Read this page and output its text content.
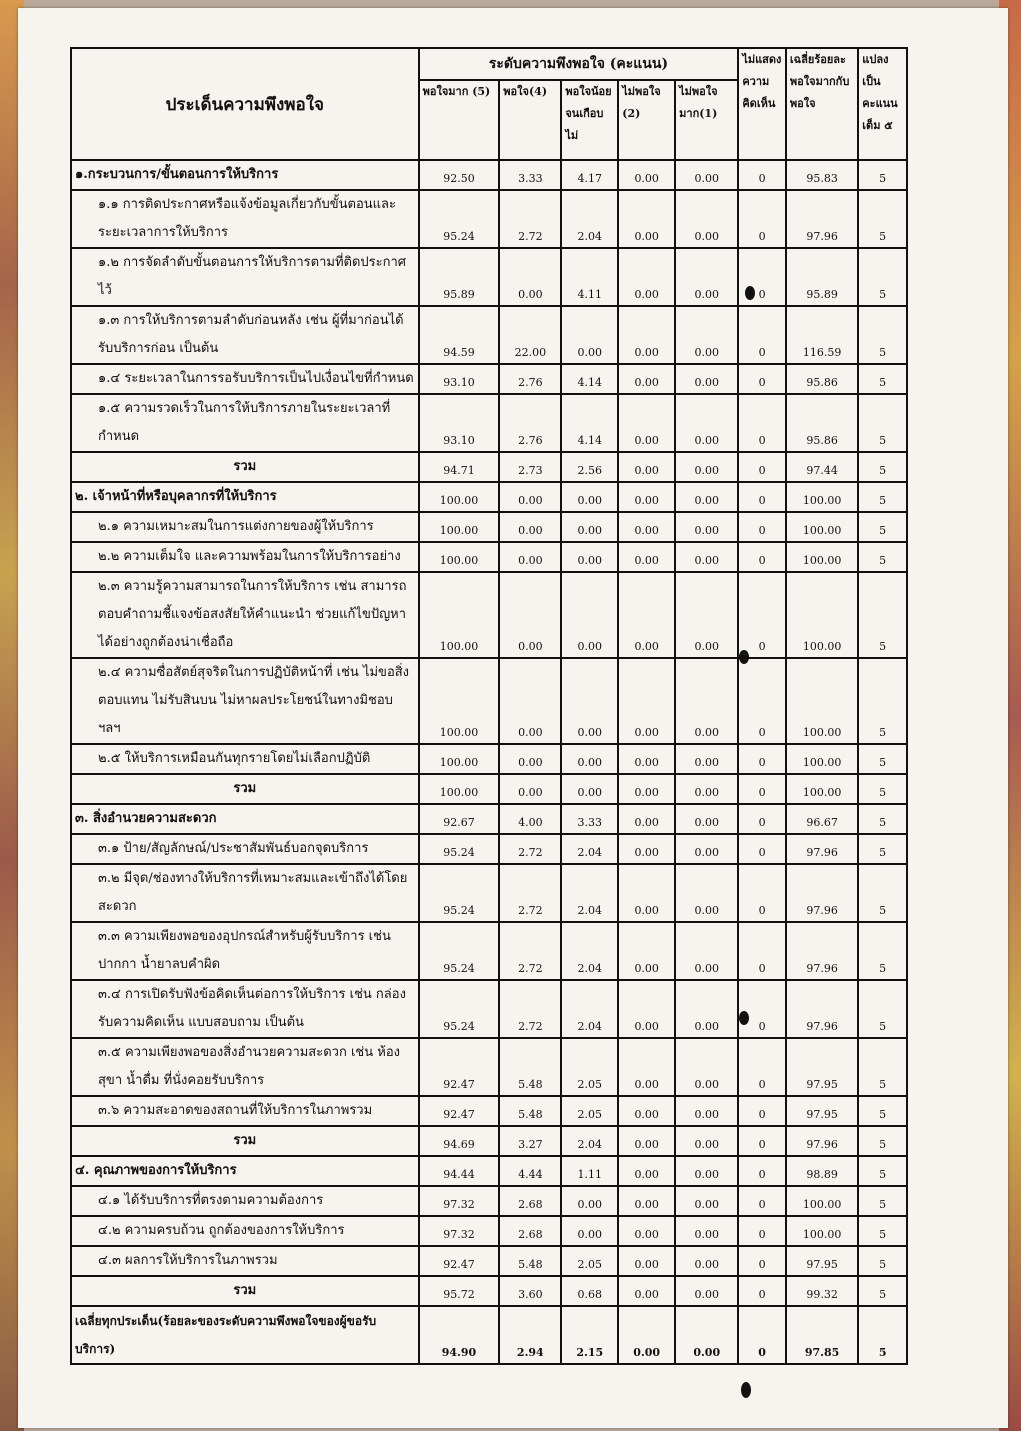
ประเด็นความพึงพอใจ	ระดับความพึงพอใจ (คะแนน)					ไม่แสดงความคิดเห็น	เฉลี่ยร้อยละพอใจมากกับพอใจ	แปลงเป็นคะแนนเต็ม ๕
	พอใจมาก (5)	พอใจ(4)	พอใจน้อยจนเกือบไม่	ไม่พอใจ (2)	ไม่พอใจมาก(1)			
๑.กระบวนการ/ขั้นตอนการให้บริการ	92.50	3.33	4.17	0.00	0.00	0	95.83	5
๑.๑ การติดประกาศหรือแจ้งข้อมูลเกี่ยวกับขั้นตอนและระยะเวลาการให้บริการ	95.24	2.72	2.04	0.00	0.00	0	97.96	5
๑.๒ การจัดลำดับขั้นตอนการให้บริการตามที่ติดประกาศไว้	95.89	0.00	4.11	0.00	0.00	0	95.89	5
๑.๓ การให้บริการตามลำดับก่อนหลัง เช่น ผู้ที่มาก่อนได้รับบริการก่อน เป็นต้น	94.59	22.00	0.00	0.00	0.00	0	116.59	5
๑.๔ ระยะเวลาในการรอรับบริการเป็นไปเงื่อนไขที่กำหนด	93.10	2.76	4.14	0.00	0.00	0	95.86	5
๑.๕ ความรวดเร็วในการให้บริการภายในระยะเวลาที่กำหนด	93.10	2.76	4.14	0.00	0.00	0	95.86	5
รวม	94.71	2.73	2.56	0.00	0.00	0	97.44	5
๒. เจ้าหน้าที่หรือบุคลากรที่ให้บริการ	100.00	0.00	0.00	0.00	0.00	0	100.00	5
๒.๑ ความเหมาะสมในการแต่งกายของผู้ให้บริการ	100.00	0.00	0.00	0.00	0.00	0	100.00	5
๒.๒ ความเต็มใจ และความพร้อมในการให้บริการอย่าง	100.00	0.00	0.00	0.00	0.00	0	100.00	5
๒.๓ ความรู้ความสามารถในการให้บริการ เช่น สามารถตอบคำถามชี้แจงข้อสงสัยให้คำแนะนำ ช่วยแก้ไขปัญหาได้อย่างถูกต้องน่าเชื่อถือ	100.00	0.00	0.00	0.00	0.00	0	100.00	5
๒.๔ ความซื่อสัตย์สุจริตในการปฏิบัติหน้าที่ เช่น ไม่ขอสิ่งตอบแทน ไม่รับสินบน ไม่หาผลประโยชน์ในทางมิชอบ ฯลฯ	100.00	0.00	0.00	0.00	0.00	0	100.00	5
๒.๕ ให้บริการเหมือนกันทุกรายโดยไม่เลือกปฏิบัติ	100.00	0.00	0.00	0.00	0.00	0	100.00	5
รวม	100.00	0.00	0.00	0.00	0.00	0	100.00	5
๓. สิ่งอำนวยความสะดวก	92.67	4.00	3.33	0.00	0.00	0	96.67	5
๓.๑ ป้าย/สัญลักษณ์/ประชาสัมพันธ์บอกจุดบริการ	95.24	2.72	2.04	0.00	0.00	0	97.96	5
๓.๒ มีจุด/ช่องทางให้บริการที่เหมาะสมและเข้าถึงได้โดยสะดวก	95.24	2.72	2.04	0.00	0.00	0	97.96	5
๓.๓ ความเพียงพอของอุปกรณ์สำหรับผู้รับบริการ เช่น ปากกา น้ำยาลบคำผิด	95.24	2.72	2.04	0.00	0.00	0	97.96	5
๓.๔ การเปิดรับฟังข้อคิดเห็นต่อการให้บริการ เช่น กล่องรับความคิดเห็น แบบสอบถาม เป็นต้น	95.24	2.72	2.04	0.00	0.00	0	97.96	5
๓.๕ ความเพียงพอของสิ่งอำนวยความสะดวก เช่น ห้องสุขา น้ำดื่ม ที่นั่งคอยรับบริการ	92.47	5.48	2.05	0.00	0.00	0	97.95	5
๓.๖ ความสะอาดของสถานที่ให้บริการในภาพรวม	92.47	5.48	2.05	0.00	0.00	0	97.95	5
รวม	94.69	3.27	2.04	0.00	0.00	0	97.96	5
๔. คุณภาพของการให้บริการ	94.44	4.44	1.11	0.00	0.00	0	98.89	5
๔.๑ ได้รับบริการที่ตรงตามความต้องการ	97.32	2.68	0.00	0.00	0.00	0	100.00	5
๔.๒ ความครบถ้วน ถูกต้องของการให้บริการ	97.32	2.68	0.00	0.00	0.00	0	100.00	5
๔.๓ ผลการให้บริการในภาพรวม	92.47	5.48	2.05	0.00	0.00	0	97.95	5
รวม	95.72	3.60	0.68	0.00	0.00	0	99.32	5
เฉลี่ยทุกประเด็น(ร้อยละของระดับความพึงพอใจของผู้ขอรับบริการ)	94.90	2.94	2.15	0.00	0.00	0	97.85	5
